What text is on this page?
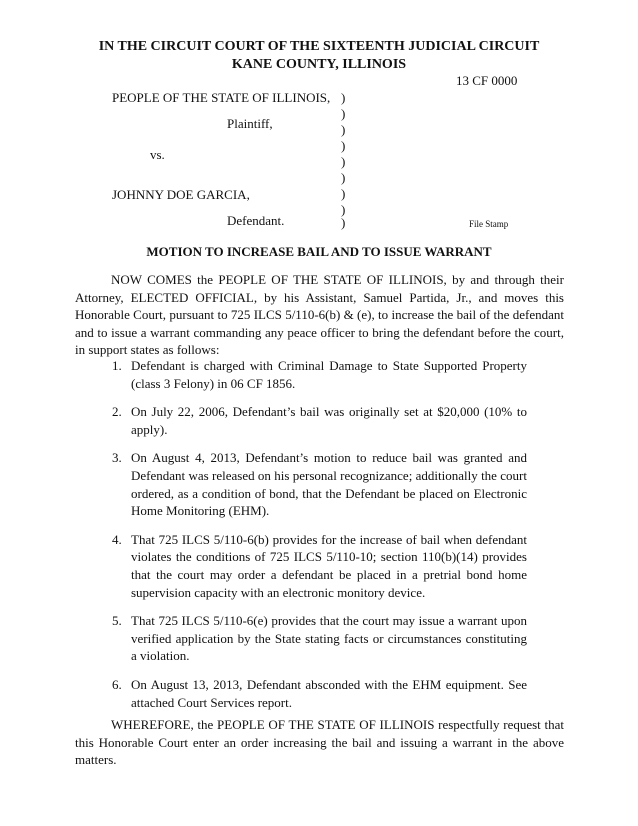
IN THE CIRCUIT COURT OF THE SIXTEENTH JUDICIAL CIRCUIT
KANE COUNTY, ILLINOIS
13 CF 0000
PEOPLE OF THE STATE OF ILLINOIS,
Plaintiff,
vs.
JOHNNY DOE GARCIA,
Defendant.
)
)
)
)
)
)
)
)
)	File Stamp
MOTION TO INCREASE BAIL AND TO ISSUE WARRANT
NOW COMES the PEOPLE OF THE STATE OF ILLINOIS, by and through their Attorney, ELECTED OFFICIAL, by his Assistant, Samuel Partida, Jr., and moves this Honorable Court, pursuant to 725 ILCS 5/110-6(b) & (e), to increase the bail of the defendant and to issue a warrant commanding any peace officer to bring the defendant before the court, in support states as follows:
1. Defendant is charged with Criminal Damage to State Supported Property (class 3 Felony) in 06 CF 1856.
2. On July 22, 2006, Defendant’s bail was originally set at $20,000 (10% to apply).
3. On August 4, 2013, Defendant’s motion to reduce bail was granted and Defendant was released on his personal recognizance; additionally the court ordered, as a condition of bond, that the Defendant be placed on Electronic Home Monitoring (EHM).
4. That 725 ILCS 5/110-6(b) provides for the increase of bail when defendant violates the conditions of 725 ILCS 5/110-10; section 110(b)(14) provides that the court may order a defendant be placed in a pretrial bond home supervision capacity with an electronic monitory device.
5. That 725 ILCS 5/110-6(e) provides that the court may issue a warrant upon verified application by the State stating facts or circumstances constituting a violation.
6. On August 13, 2013, Defendant absconded with the EHM equipment. See attached Court Services report.
WHEREFORE, the PEOPLE OF THE STATE OF ILLINOIS respectfully request that this Honorable Court enter an order increasing the bail and issuing a warrant in the above matters.
